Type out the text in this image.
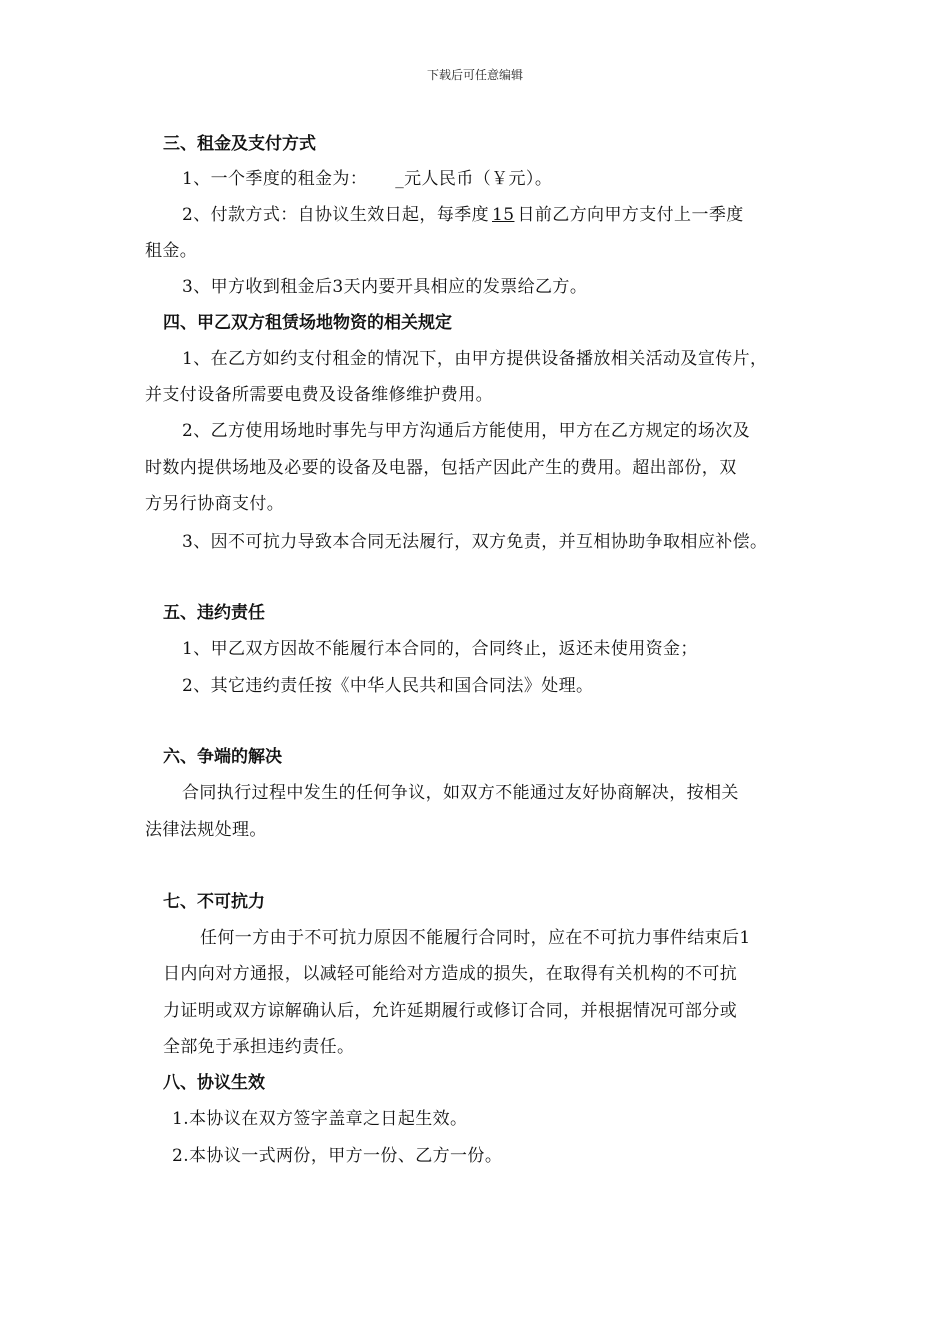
下载后可任意编辑
三、租金及支付方式
1、一个季度的租金为： _元人民币（￥元）。
2、付款方式：自协议生效日起，每季度 15 日前乙方向甲方支付上一季度
租金。
3、甲方收到租金后3天内要开具相应的发票给乙方。
四、甲乙双方租赁场地物资的相关规定
1、在乙方如约支付租金的情况下，由甲方提供设备播放相关活动及宣传片，
并支付设备所需要电费及设备维修维护费用。
2、乙方使用场地时事先与甲方沟通后方能使用，甲方在乙方规定的场次及
时数内提供场地及必要的设备及电器，包括产因此产生的费用。超出部份，双
方另行协商支付。
3、因不可抗力导致本合同无法履行，双方免责，并互相协助争取相应补偿。
五、违约责任
1、甲乙双方因故不能履行本合同的，合同终止，返还未使用资金；
2、其它违约责任按《中华人民共和国合同法》处理。
六、争端的解决
合同执行过程中发生的任何争议，如双方不能通过友好协商解决，按相关
法律法规处理。
七、不可抗力
任何一方由于不可抗力原因不能履行合同时，应在不可抗力事件结束后1
日内向对方通报，以减轻可能给对方造成的损失，在取得有关机构的不可抗
力证明或双方谅解确认后，允许延期履行或修订合同，并根据情况可部分或
全部免于承担违约责任。
八、协议生效
1.本协议在双方签字盖章之日起生效。
2.本协议一式两份，甲方一份、乙方一份。
